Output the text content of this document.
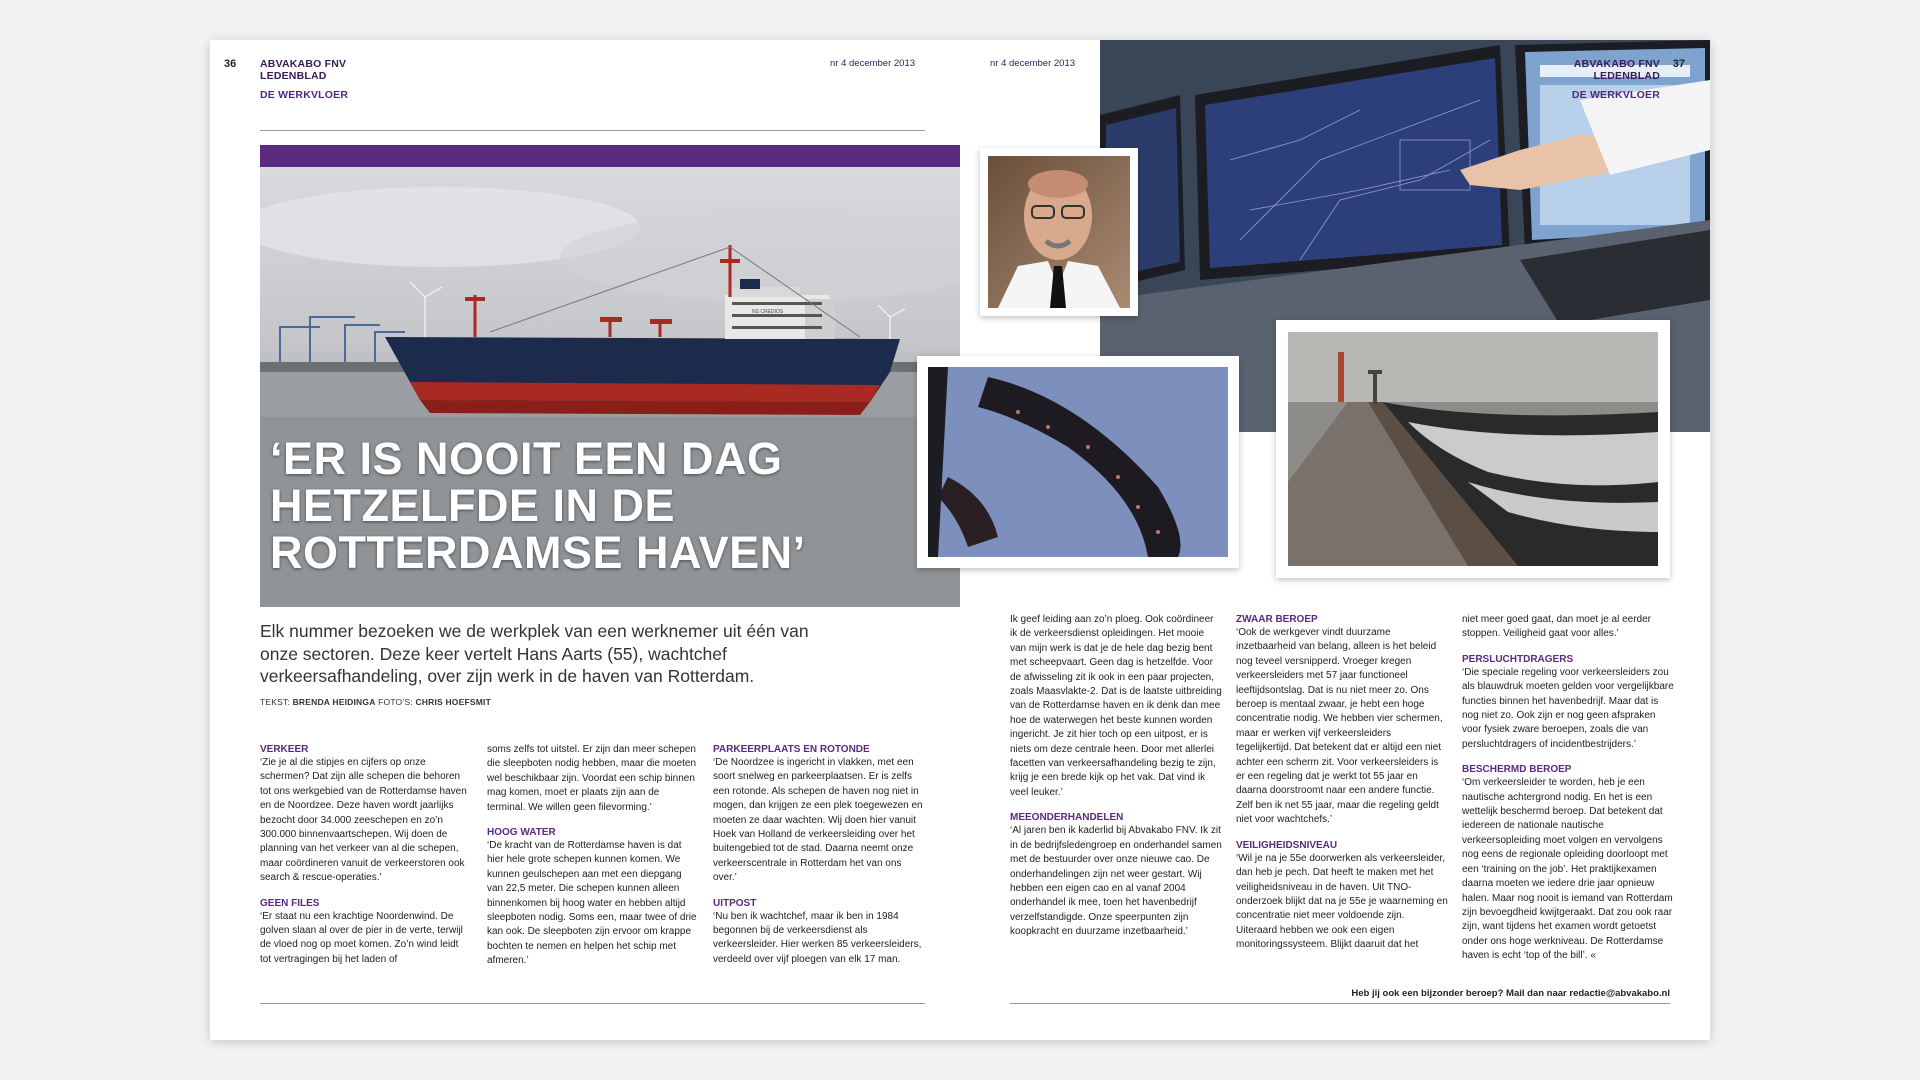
36 ABVAKABO FNV
LEDENBLAD
DE WERKVLOER
nr 4 december 2013
SEAWAYS
NS CREDIOS
‘ER IS NOOIT EEN DAG HETZELFDE IN DE ROTTERDAMSE HAVEN’
Elk nummer bezoeken we de werkplek van een werknemer uit één van onze sectoren. Deze keer vertelt Hans Aarts (55), wachtchef verkeersafhandeling, over zijn werk in de haven van Rotterdam.
TEKST: BRENDA HEIDINGA FOTO’S: CHRIS HOEFSMIT
VERKEER

‘Zie je al die stipjes en cijfers op onze schermen? Dat zijn alle schepen die behoren tot ons werkgebied van de Rotterdamse haven en de Noordzee. Deze haven wordt jaarlijks bezocht door 34.000 zeeschepen en zo’n 300.000 binnenvaartschepen. Wij doen de planning van het verkeer van al die schepen, maar coördineren vanuit de verkeerstoren ook search & rescue-operaties.’

GEEN FILES

‘Er staat nu een krachtige Noordenwind. De golven slaan al over de pier in de verte, terwijl de vloed nog op moet komen. Zo’n wind leidt tot vertragingen bij het laden of

soms zelfs tot uitstel. Er zijn dan meer schepen die sleepboten nodig hebben, maar die moeten wel beschikbaar zijn. Voordat een schip binnen mag komen, moet er plaats zijn aan de terminal. We willen geen filevorming.’

HOOG WATER

‘De kracht van de Rotterdamse haven is dat hier hele grote schepen kunnen komen. We kunnen geulschepen aan met een diepgang van 22,5 meter. Die schepen kunnen alleen binnenkomen bij hoog water en hebben altijd sleepboten nodig. Soms een, maar twee of drie kan ook. De sleepboten zijn ervoor om krappe bochten te nemen en helpen het schip met afmeren.’

PARKEERPLAATS EN ROTONDE

‘De Noordzee is ingericht in vlakken, met een soort snelweg en parkeerplaatsen. Er is zelfs een rotonde. Als schepen de haven nog niet in mogen, dan krijgen ze een plek toegewezen en moeten ze daar wachten. Wij doen hier vanuit Hoek van Holland de verkeersleiding over het buitengebied tot de stad. Daarna neemt onze verkeerscentrale in Rotterdam het van ons over.’

UITPOST

‘Nu ben ik wachtchef, maar ik ben in 1984 begonnen bij de verkeersdienst als verkeersleider. Hier werken 85 verkeersleiders, verdeeld over vijf ploegen van elk 17 man.

nr 4 december 2013	ABVAKABO FNV
LEDENBLAD
DE WERKVLOER
37

Ik geef leiding aan zo’n ploeg. Ook coördineer ik de verkeersdienst opleidingen. Het mooie van mijn werk is dat je de hele dag bezig bent met scheepvaart. Geen dag is hetzelfde. Voor de afwisseling zit ik ook in een paar projecten, zoals Maasvlakte-2. Dat is de laatste uitbreiding van de Rotterdamse haven en ik denk dan mee hoe de waterwegen het beste kunnen worden ingericht. Je zit hier toch op een uitpost, er is niets om deze centrale heen. Door met allerlei facetten van verkeersafhandeling bezig te zijn, krijg je een brede kijk op het vak. Dat vind ik veel leuker.’

MEEONDERHANDELEN

‘Al jaren ben ik kaderlid bij Abvakabo FNV. Ik zit in de bedrijfsledengroep en onderhandel samen met de bestuurder over onze nieuwe cao. De onderhandelingen zijn net weer gestart. Wij hebben een eigen cao en al vanaf 2004 onderhandel ik mee, toen het havenbedrijf verzelfstandigde. Onze speerpunten zijn koopkracht en duurzame inzetbaarheid.’

ZWAAR BEROEP

‘Ook de werkgever vindt duurzame inzetbaarheid van belang, alleen is het beleid nog teveel versnipperd. Vroeger kregen verkeersleiders met 57 jaar functioneel leeftijdsontslag. Dat is nu niet meer zo. Ons beroep is mentaal zwaar, je hebt een hoge concentratie nodig. We hebben vier schermen, maar er werken vijf verkeersleiders tegelijkertijd. Dat betekent dat er altijd een niet achter een scherm zit. Voor verkeersleiders is er een regeling dat je werkt tot 55 jaar en daarna doorstroomt naar een andere functie. Zelf ben ik net 55 jaar, maar die regeling geldt niet voor wachtchefs.’

VEILIGHEIDSNIVEAU

‘Wil je na je 55e doorwerken als verkeersleider, dan heb je pech. Dat heeft te maken met het veiligheidsniveau in de haven. Uit TNO-onderzoek blijkt dat na je 55e je waarneming en concentratie niet meer voldoende zijn. Uiteraard hebben we ook een eigen monitoringssysteem. Blijkt daaruit dat het

niet meer goed gaat, dan moet je al eerder stoppen. Veiligheid gaat voor alles.’

PERSLUCHTDRAGERS

‘Die speciale regeling voor verkeersleiders zou als blauwdruk moeten gelden voor vergelijkbare functies binnen het havenbedrijf. Maar dat is nog niet zo. Ook zijn er nog geen afspraken voor fysiek zware beroepen, zoals die van persluchtdragers of incidentbestrijders.’

BESCHERMD BEROEP

‘Om verkeersleider te worden, heb je een nautische achtergrond nodig. En het is een wettelijk beschermd beroep. Dat betekent dat iedereen de nationale nautische verkeersopleiding moet volgen en vervolgens nog eens de regionale opleiding doorloopt met een ‘training on the job’. Het praktijkexamen daarna moeten we iedere drie jaar opnieuw halen. Maar nog nooit is iemand van Rotterdam zijn bevoegdheid kwijtgeraakt. Dat zou ook raar zijn, want tijdens het examen wordt getoetst onder ons hoge werkniveau. De Rotterdamse haven is echt ‘top of the bill’. «

Heb jij ook een bijzonder beroep? Mail dan naar redactie@abvakabo.nl
